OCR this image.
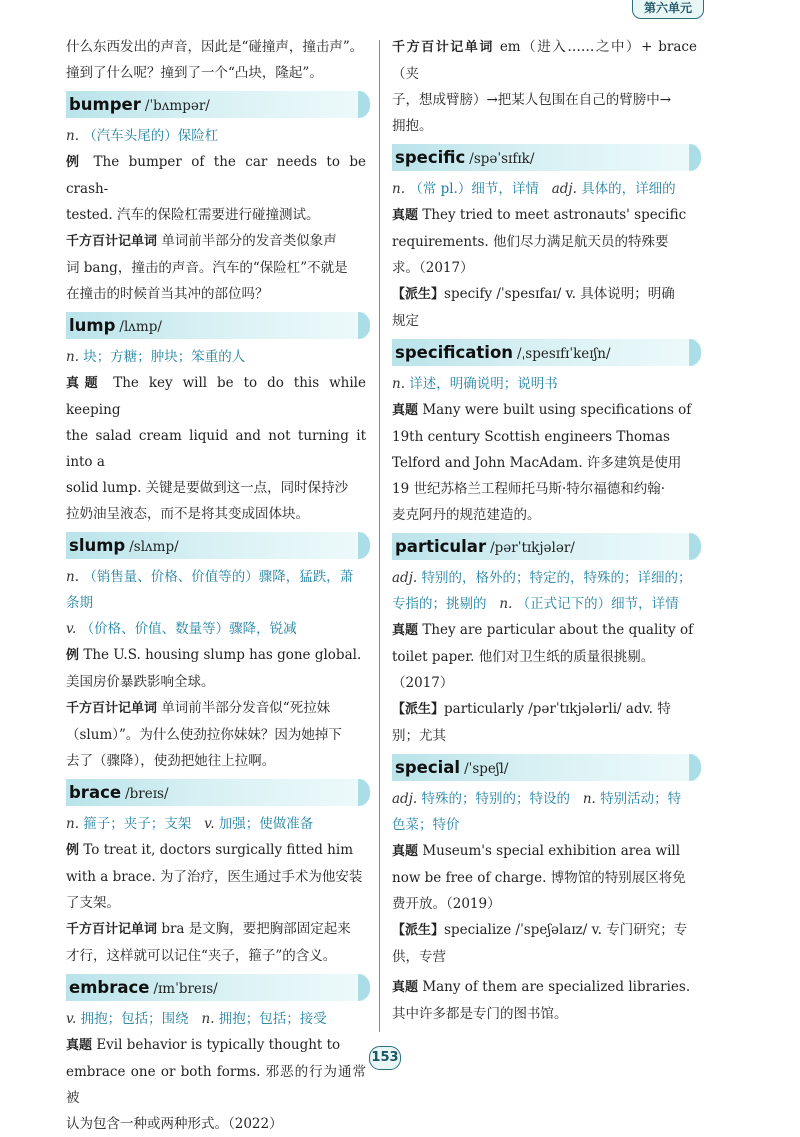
第六单元

什么东西发出的声音，因此是“碰撞声，撞击声”。

撞到了什么呢？撞到了一个“凸块，隆起”。

bumper /ˈbʌmpər/
n. （汽车头尾的）保险杠

例 The bumper of the car needs to be crash-

tested. 汽车的保险杠需要进行碰撞测试。

千方百计记单词 单词前半部分的发音类似象声

词 bang，撞击的声音。汽车的“保险杠”不就是

在撞击的时候首当其冲的部位吗？

lump /lʌmp/
n. 块；方糖；肿块；笨重的人

真题 The key will be to do this while keeping

the salad cream liquid and not turning it into a

solid lump. 关键是要做到这一点，同时保持沙

拉奶油呈液态，而不是将其变成固体块。

slump /slʌmp/
n. （销售量、价格、价值等的）骤降，猛跌，萧条期
v. （价格、价值、数量等）骤降，锐减

例 The U.S. housing slump has gone global.

美国房价暴跌影响全球。

千方百计记单词 单词前半部分发音似“死拉妹

（slum）”。为什么使劲拉你妹妹？因为她掉下

去了（骤降），使劲把她往上拉啊。

brace /breɪs/
n. 箍子；夹子；支架 v. 加强；使做准备

例 To treat it, doctors surgically fitted him

with a brace. 为了治疗，医生通过手术为他安装

了支架。

千方百计记单词 bra 是文胸，要把胸部固定起来

才行，这样就可以记住“夹子，箍子”的含义。

embrace /ɪmˈbreɪs/
v. 拥抱；包括；围绕 n. 拥抱；包括；接受

真题 Evil behavior is typically thought to

embrace one or both forms. 邪恶的行为通常被

认为包含一种或两种形式。（2022）

千方百计记单词 em（进入……之中）+ brace（夹

子，想成臂膀）→把某人包围在自己的臂膀中→

拥抱。

specific /spəˈsɪfɪk/
n. （常 pl.）细节，详情 adj. 具体的，详细的

真题 They tried to meet astronauts' specific

requirements. 他们尽力满足航天员的特殊要

求。（2017）

【派生】specify /ˈspesɪfaɪ/ v. 具体说明；明确

规定

specification /ˌspesɪfɪˈkeɪʃn/
n. 详述，明确说明；说明书

真题 Many were built using specifications of

19th century Scottish engineers Thomas

Telford and John MacAdam. 许多建筑是使用

19 世纪苏格兰工程师托马斯·特尔福德和约翰·

麦克阿丹的规范建造的。

particular /pərˈtɪkjələr/
adj. 特别的，格外的；特定的，特殊的；详细的；
专指的；挑剔的 n. （正式记下的）细节，详情

真题 They are particular about the quality of

toilet paper. 他们对卫生纸的质量很挑剔。

（2017）

【派生】particularly /pərˈtɪkjələrli/ adv. 特

别；尤其

special /ˈspeʃl/
adj. 特殊的；特别的；特设的 n. 特别活动；特
色菜；特价

真题 Museum's special exhibition area will

now be free of charge. 博物馆的特别展区将免

费开放。（2019）

【派生】specialize /ˈspeʃəlaɪz/ v. 专门研究；专

供，专营

真题 Many of them are specialized libraries.

其中许多都是专门的图书馆。

153
